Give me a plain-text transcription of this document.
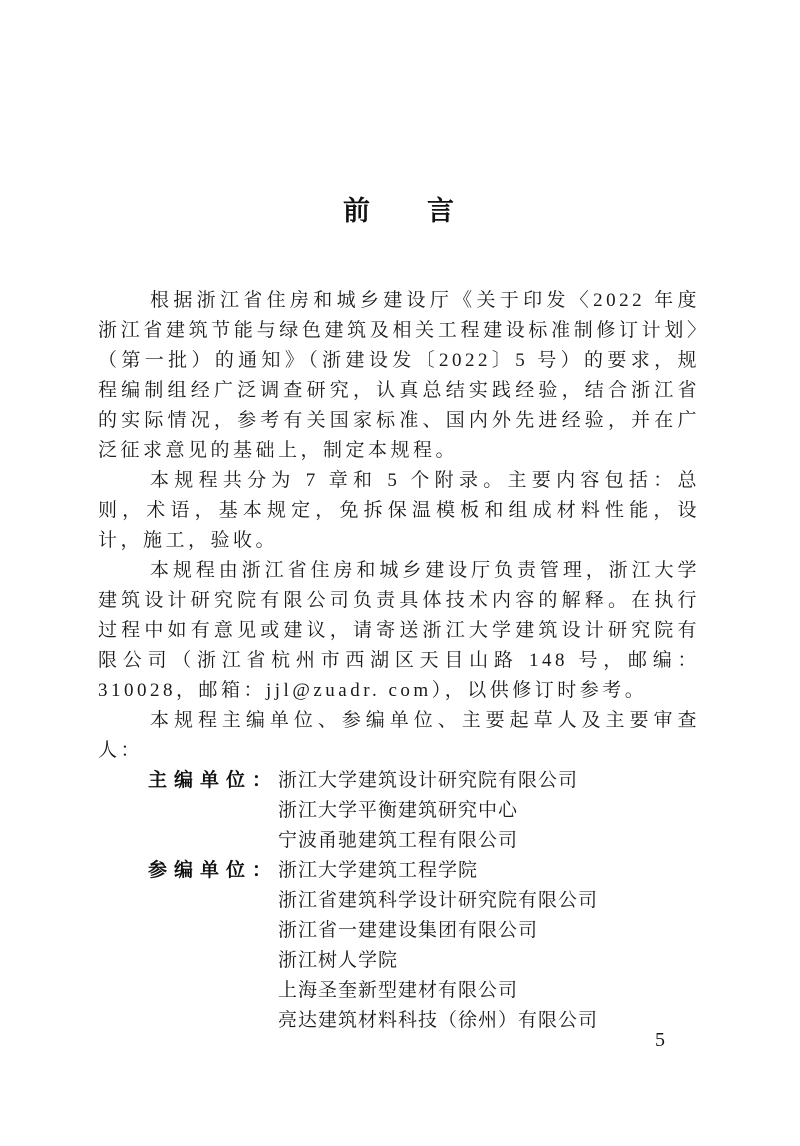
前　　言

根据浙江省住房和城乡建设厅《关于印发〈2022 年度浙江省建筑节能与绿色建筑及相关工程建设标准制修订计划〉（第一批）的通知》（浙建设发〔2022〕5 号）的要求，规程编制组经广泛调查研究，认真总结实践经验，结合浙江省的实际情况，参考有关国家标准、国内外先进经验，并在广泛征求意见的基础上，制定本规程。

本规程共分为 7 章和 5 个附录。主要内容包括：总则，术语，基本规定，免拆保温模板和组成材料性能，设计，施工，验收。

本规程由浙江省住房和城乡建设厅负责管理，浙江大学建筑设计研究院有限公司负责具体技术内容的解释。在执行过程中如有意见或建议，请寄送浙江大学建筑设计研究院有限公司（浙江省杭州市西湖区天目山路 148 号，邮编：310028，邮箱：jjl@zuadr. com），以供修订时参考。

本规程主编单位、参编单位、主要起草人及主要审查人：

主编单位： 浙江大学建筑设计研究院有限公司
浙江大学平衡建筑研究中心
宁波甬驰建筑工程有限公司
参编单位： 浙江大学建筑工程学院
浙江省建筑科学设计研究院有限公司
浙江省一建建设集团有限公司
浙江树人学院
上海圣奎新型建材有限公司
亮达建筑材料科技（徐州）有限公司
5
